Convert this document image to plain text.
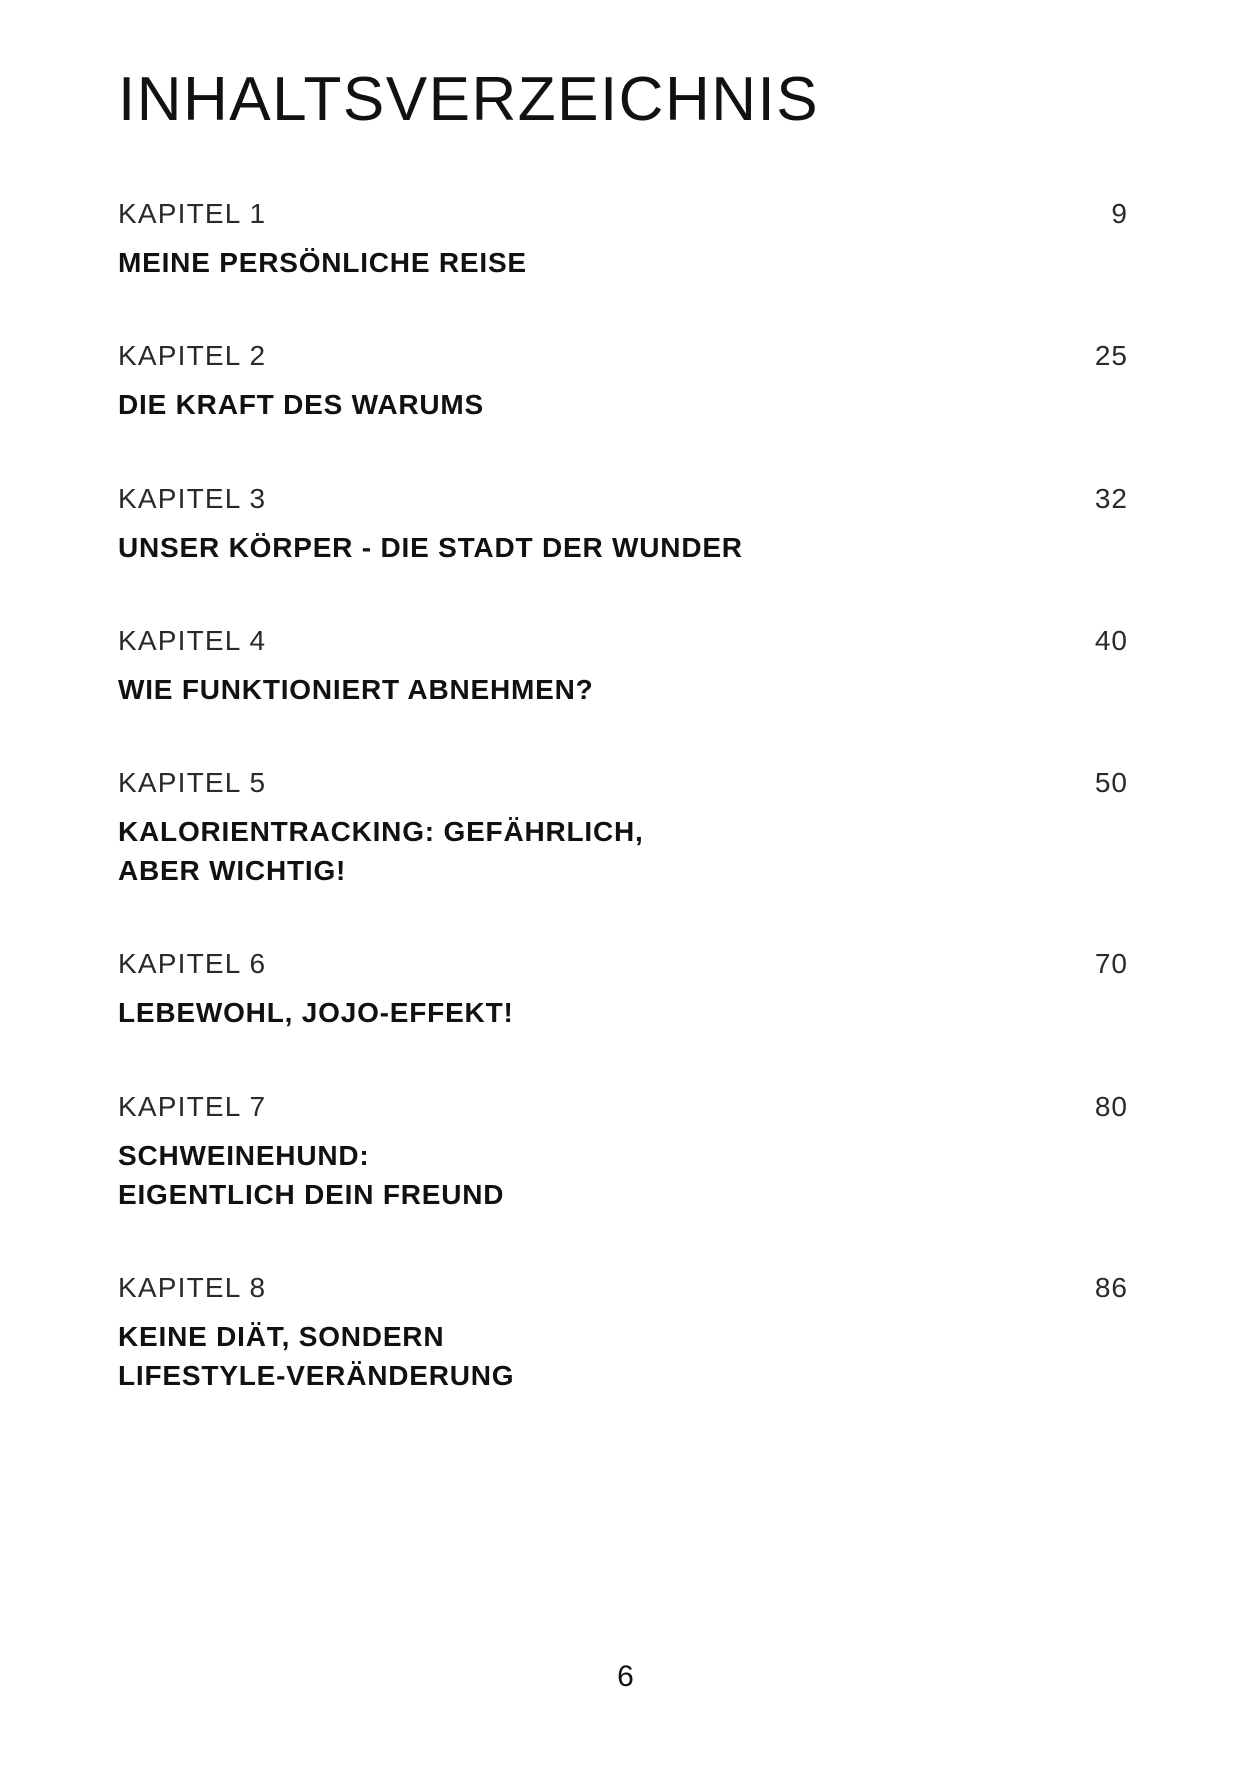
INHALTSVERZEICHNIS
KAPITEL 1	9
MEINE PERSÖNLICHE REISE
KAPITEL 2	25
DIE KRAFT DES WARUMS
KAPITEL 3	32
UNSER KÖRPER - DIE STADT DER WUNDER
KAPITEL 4	40
WIE FUNKTIONIERT ABNEHMEN?
KAPITEL 5	50
KALORIENTRACKING: GEFÄHRLICH,
ABER WICHTIG!
KAPITEL 6	70
LEBEWOHL, JOJO-EFFEKT!
KAPITEL 7	80
SCHWEINEHUND:
EIGENTLICH DEIN FREUND
KAPITEL 8	86
KEINE DIÄT, SONDERN
LIFESTYLE-VERÄNDERUNG
6
